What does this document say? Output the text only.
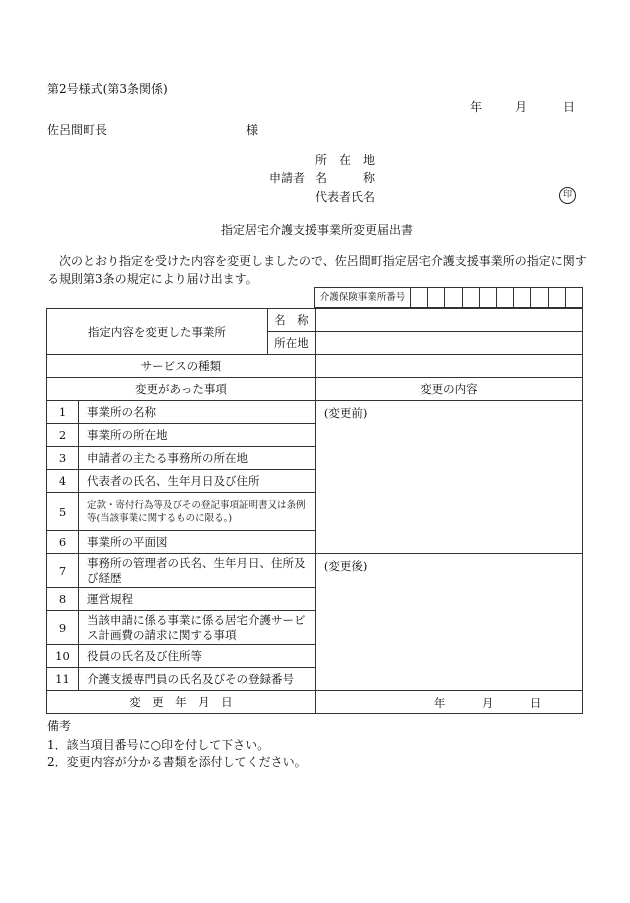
第2号様式(第3条関係)
年	月	日
佐呂間町長	様
所　在　地
申請者 名　　　称
代表者氏名	印
指定居宅介護支援事業所変更届出書
　次のとおり指定を受けた内容を変更しましたので、佐呂間町指定居宅介護支援事業所の指定に関す
る規則第3条の規定により届け出ます。
介護保険事業所番号										
指定内容を変更した事業所		名　称	
		所在地	
サービスの種類			
変更があった事項			変更の内容
1	事業所の名称		(変更前)
2	事業所の所在地		
3	申請者の主たる事務所の所在地		
4	代表者の氏名、生年月日及び住所		
5	定款・寄付行為等及びその登記事項証明書又は条例等(当該事業に関するものに限る。)		
6	事業所の平面図		
7	事務所の管理者の氏名、生年月日、住所及び経歴		(変更後)
8	運営規程		
9	当該申請に係る事業に係る居宅介護サービス計画費の請求に関する事項		
10	役員の氏名及び住所等		
11	介護支援専門員の氏名及びその登録番号		
変　更　年　月　日			年 月 日
備考
1．該当項目番号に○印を付して下さい。
2．変更内容が分かる書類を添付してください。
